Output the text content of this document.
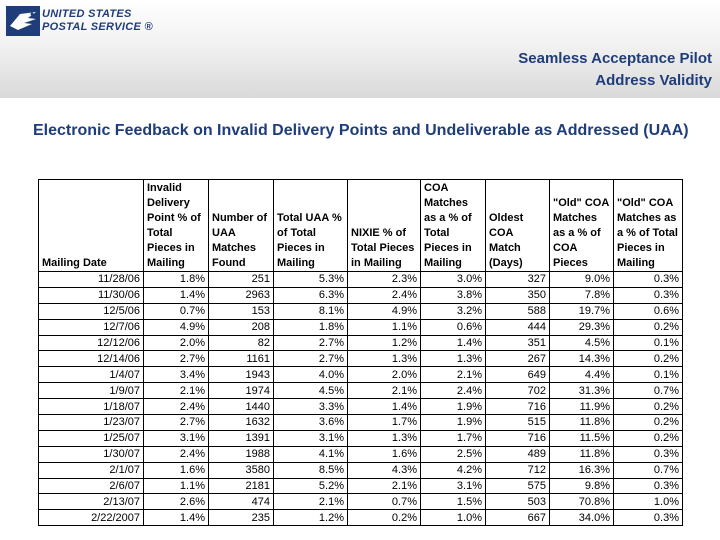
UNITED STATES
POSTAL SERVICE ®
Seamless Acceptance Pilot
Address Validity
Electronic Feedback on Invalid Delivery Points and Undeliverable as Addressed (UAA)
Mailing Date	Invalid Delivery Point % of Total Pieces in Mailing	Number of UAA Matches Found	Total UAA % of Total Pieces in Mailing	NIXIE % of Total Pieces in Mailing	COA Matches as a % of Total Pieces in Mailing	Oldest COA Match (Days)	"Old" COA Matches as a % of COA Pieces	"Old" COA Matches as a % of Total Pieces in Mailing
11/28/06	1.8%	251	5.3%	2.3%	3.0%	327	9.0%	0.3%
11/30/06	1.4%	2963	6.3%	2.4%	3.8%	350	7.8%	0.3%
12/5/06	0.7%	153	8.1%	4.9%	3.2%	588	19.7%	0.6%
12/7/06	4.9%	208	1.8%	1.1%	0.6%	444	29.3%	0.2%
12/12/06	2.0%	82	2.7%	1.2%	1.4%	351	4.5%	0.1%
12/14/06	2.7%	1161	2.7%	1.3%	1.3%	267	14.3%	0.2%
1/4/07	3.4%	1943	4.0%	2.0%	2.1%	649	4.4%	0.1%
1/9/07	2.1%	1974	4.5%	2.1%	2.4%	702	31.3%	0.7%
1/18/07	2.4%	1440	3.3%	1.4%	1.9%	716	11.9%	0.2%
1/23/07	2.7%	1632	3.6%	1.7%	1.9%	515	11.8%	0.2%
1/25/07	3.1%	1391	3.1%	1.3%	1.7%	716	11.5%	0.2%
1/30/07	2.4%	1988	4.1%	1.6%	2.5%	489	11.8%	0.3%
2/1/07	1.6%	3580	8.5%	4.3%	4.2%	712	16.3%	0.7%
2/6/07	1.1%	2181	5.2%	2.1%	3.1%	575	9.8%	0.3%
2/13/07	2.6%	474	2.1%	0.7%	1.5%	503	70.8%	1.0%
2/22/2007	1.4%	235	1.2%	0.2%	1.0%	667	34.0%	0.3%
